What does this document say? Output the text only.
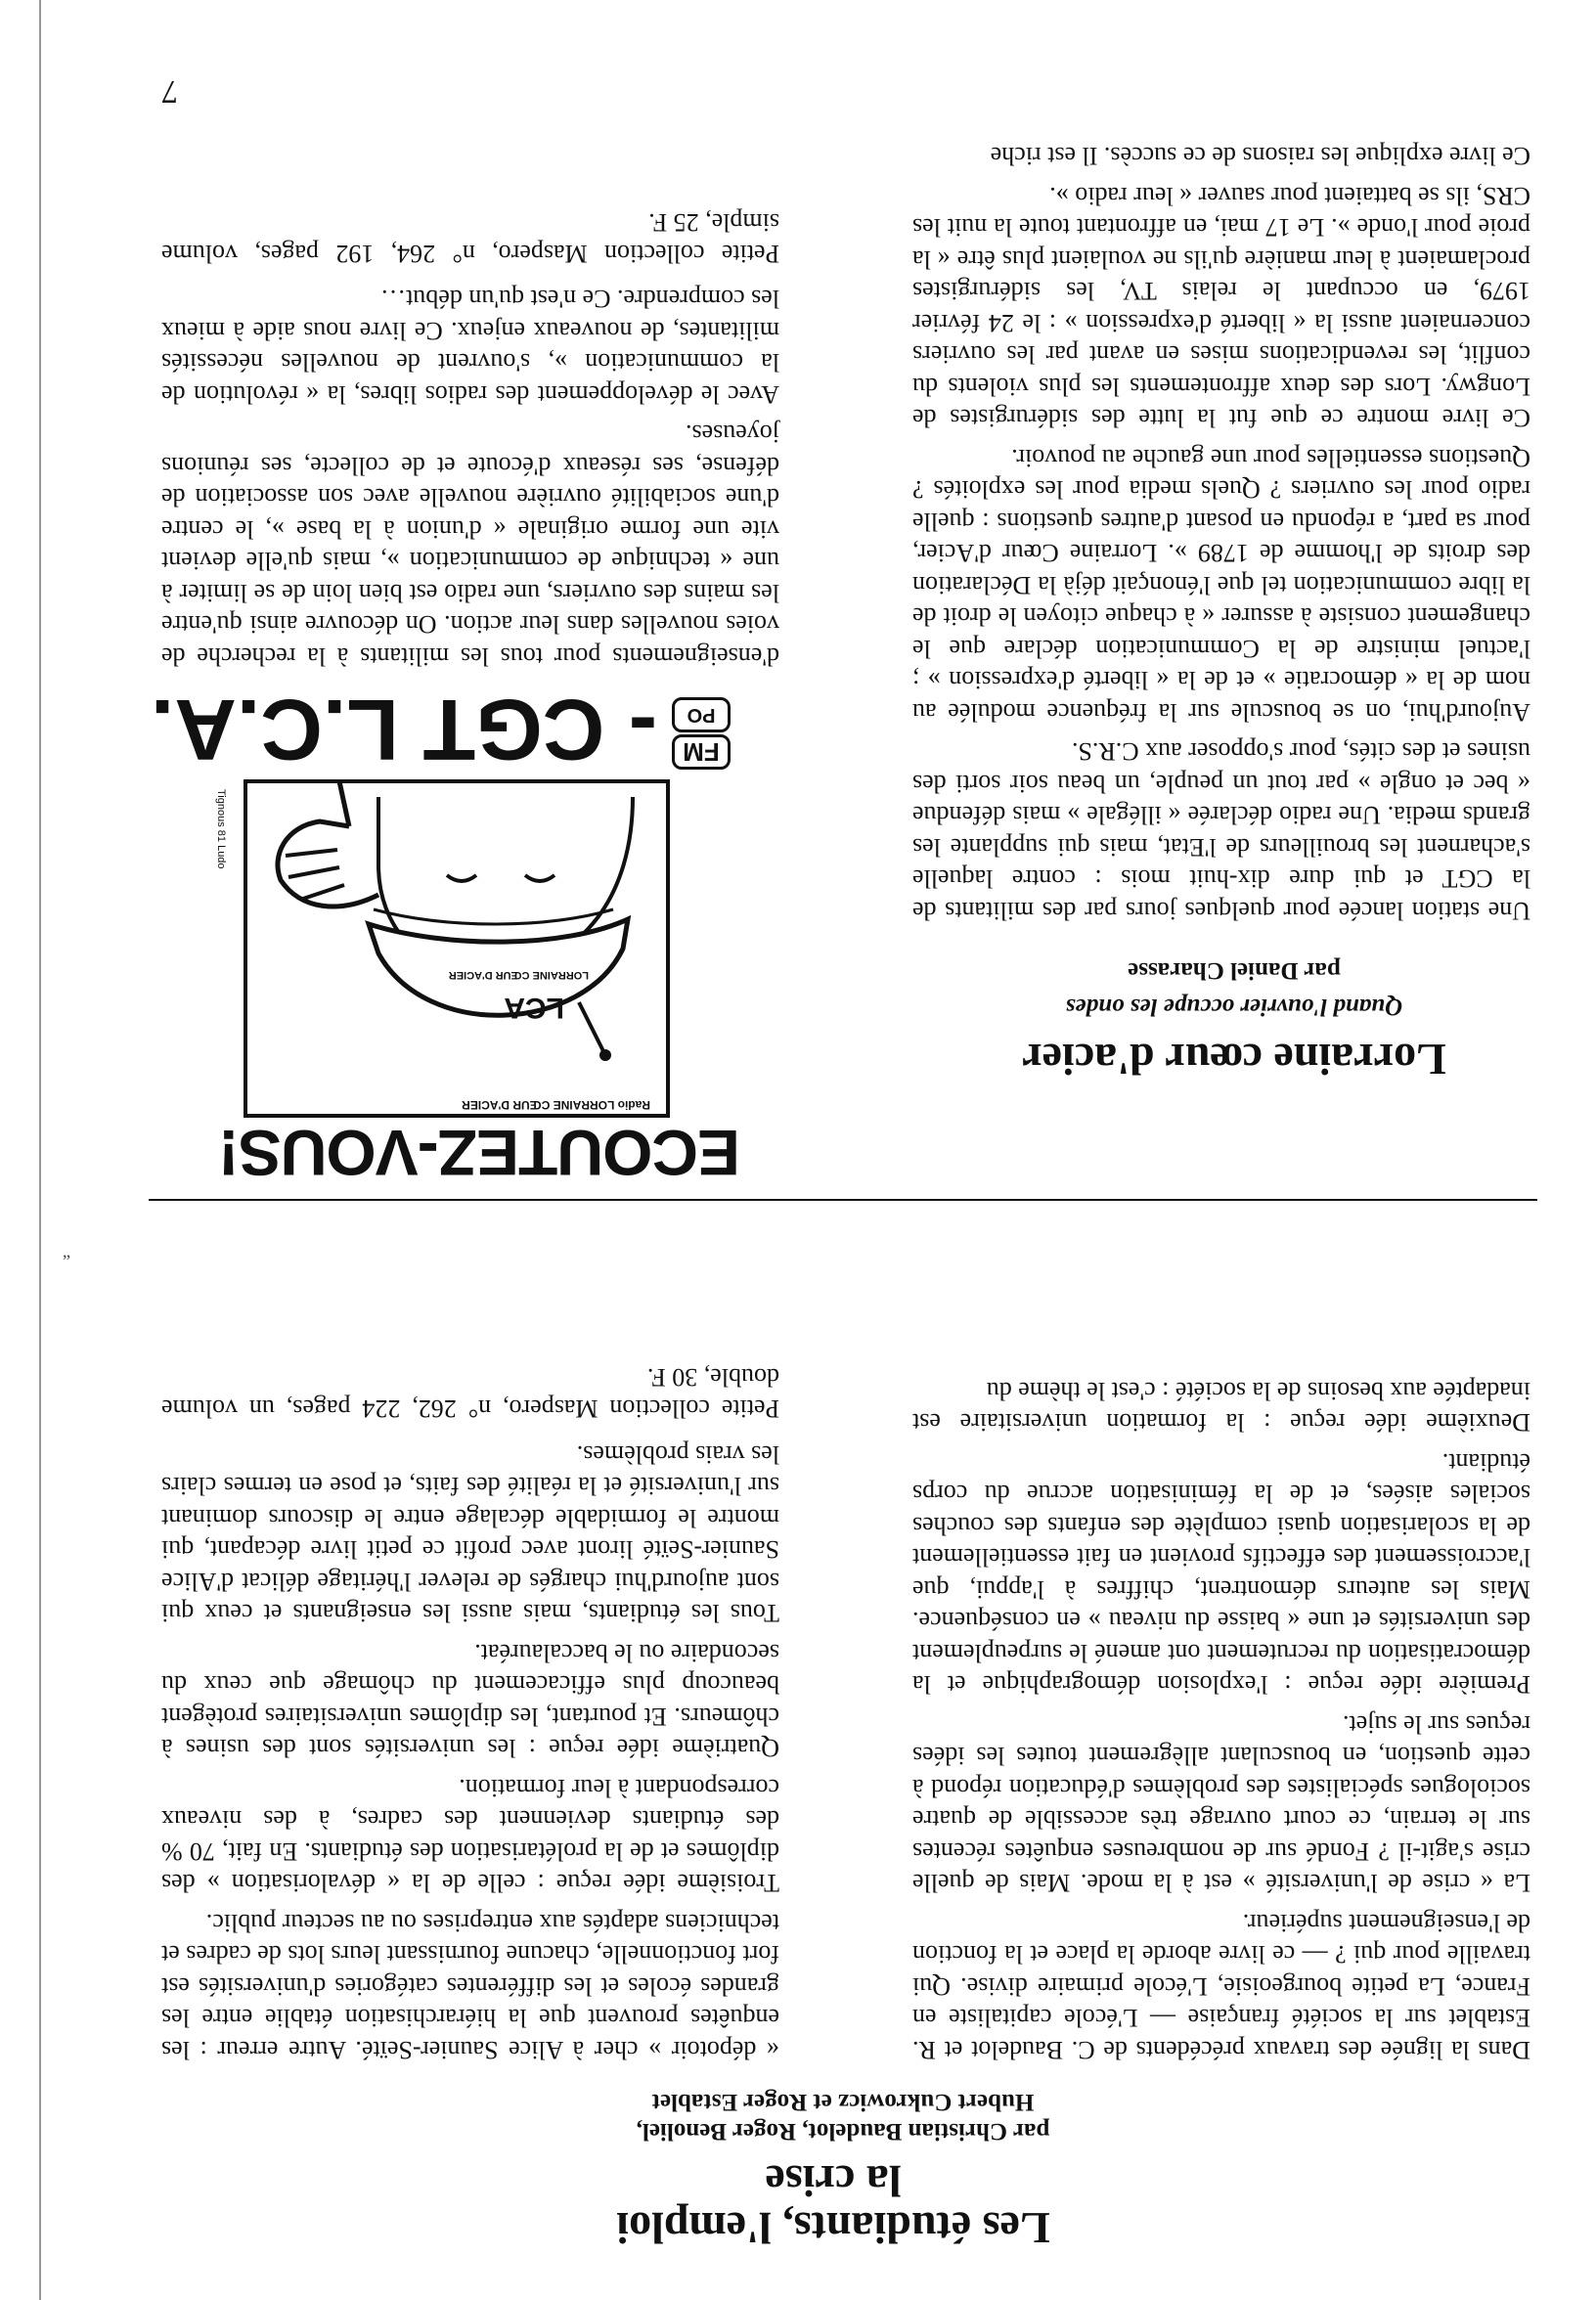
Les étudiants, l'emploi
la crise
par Christian Baudelot, Roger Benoliel,
Hubert Cukrowicz et Roger Establet

Dans la lignée des travaux précédents de C. Baudelot et R. Establet sur la société française — L'école capitaliste en France, La petite bourgeoisie, L'école primaire divise. Qui travaille pour qui ? — ce livre aborde la place et la fonction de l'enseignement supérieur.

La « crise de l'université » est à la mode. Mais de quelle crise s'agit-il ? Fondé sur de nombreuses enquêtes récentes sur le terrain, ce court ouvrage très accessible de quatre sociologues spécialistes des problèmes d'éducation répond à cette question, en bousculant allègrement toutes les idées reçues sur le sujet.

Première idée reçue : l'explosion démographique et la démocratisation du recrutement ont amené le surpeuplement des universités et une « baisse du niveau » en conséquence. Mais les auteurs démontrent, chiffres à l'appui, que l'accroissement des effectifs provient en fait essentiellement de la scolarisation quasi complète des enfants des couches sociales aisées, et de la féminisation accrue du corps étudiant.

Deuxième idée reçue : la formation universitaire est inadaptée aux besoins de la société : c'est le thème du

« dépotoir » cher à Alice Saunier-Seïté. Autre erreur : les enquêtes prouvent que la hiérarchisation établie entre les grandes écoles et les différentes catégories d'universités est fort fonctionnelle, chacune fournissant leurs lots de cadres et techniciens adaptés aux entreprises ou au secteur public.

Troisième idée reçue : celle de la « dévalorisation » des diplômes et de la prolétarisation des étudiants. En fait, 70 % des étudiants deviennent des cadres, à des niveaux correspondant à leur formation.

Quatrième idée reçue : les universités sont des usines à chômeurs. Et pourtant, les diplômes universitaires protègent beaucoup plus efficacement du chômage que ceux du secondaire ou le baccalauréat.

Tous les étudiants, mais aussi les enseignants et ceux qui sont aujourd'hui chargés de relever l'héritage délicat d'Alice Saunier-Seïté liront avec profit ce petit livre décapant, qui montre le formidable décalage entre le discours dominant sur l'université et la réalité des faits, et pose en termes clairs les vrais problèmes.

Petite collection Maspero, n° 262, 224 pages, un volume double, 30 F.
ECOUTEZ-VOUS!
Radio LORRAINE CŒUR D'ACIER
LCA
LORRAINE CŒUR D'ACIER
Tignous 81 Ludo
FM
PO
- CGT L.C.A.
Lorraine cœur d'acier
Quand l'ouvrier occupe les ondes
par Daniel Charasse

Une station lancée pour quelques jours par des militants de la CGT et qui dure dix-huit mois : contre laquelle s'acharnent les brouilleurs de l'Etat, mais qui supplante les grands media. Une radio déclarée « illégale » mais défendue « bec et ongle » par tout un peuple, un beau soir sorti des usines et des cités, pour s'opposer aux C.R.S.

Aujourd'hui, on se bouscule sur la fréquence modulée au nom de la « démocratie » et de la « liberté d'expression » ; l'actuel ministre de la Communication déclare que le changement consiste à assurer « à chaque citoyen le droit de la libre communication tel que l'énonçait déjà la Déclaration des droits de l'homme de 1789 ». Lorraine Cœur d'Acier, pour sa part, a répondu en posant d'autres questions : quelle radio pour les ouvriers ? Quels media pour les exploités ? Questions essentielles pour une gauche au pouvoir.

Ce livre montre ce que fut la lutte des sidérurgistes de Longwy. Lors des deux affrontements les plus violents du conflit, les revendications mises en avant par les ouvriers concernaient aussi la « liberté d'expression » : le 24 février 1979, en occupant le relais TV, les sidérurgistes proclamaient à leur manière qu'ils ne voulaient plus être « la proie pour l'onde ». Le 17 mai, en affrontant toute la nuit les CRS, ils se battaient pour sauver « leur radio ».

Ce livre explique les raisons de ce succès. Il est riche

d'enseignements pour tous les militants à la recherche de voies nouvelles dans leur action. On découvre ainsi qu'entre les mains des ouvriers, une radio est bien loin de se limiter à une « technique de communication », mais qu'elle devient vite une forme originale « d'union à la base », le centre d'une sociabilité ouvrière nouvelle avec son association de défense, ses réseaux d'écoute et de collecte, ses réunions joyeuses.

Avec le développement des radios libres, la « révolution de la communication », s'ouvrent de nouvelles nécessités militantes, de nouveaux enjeux. Ce livre nous aide à mieux les comprendre. Ce n'est qu'un début…

Petite collection Maspero, n° 264, 192 pages, volume simple, 25 F.
7
“
